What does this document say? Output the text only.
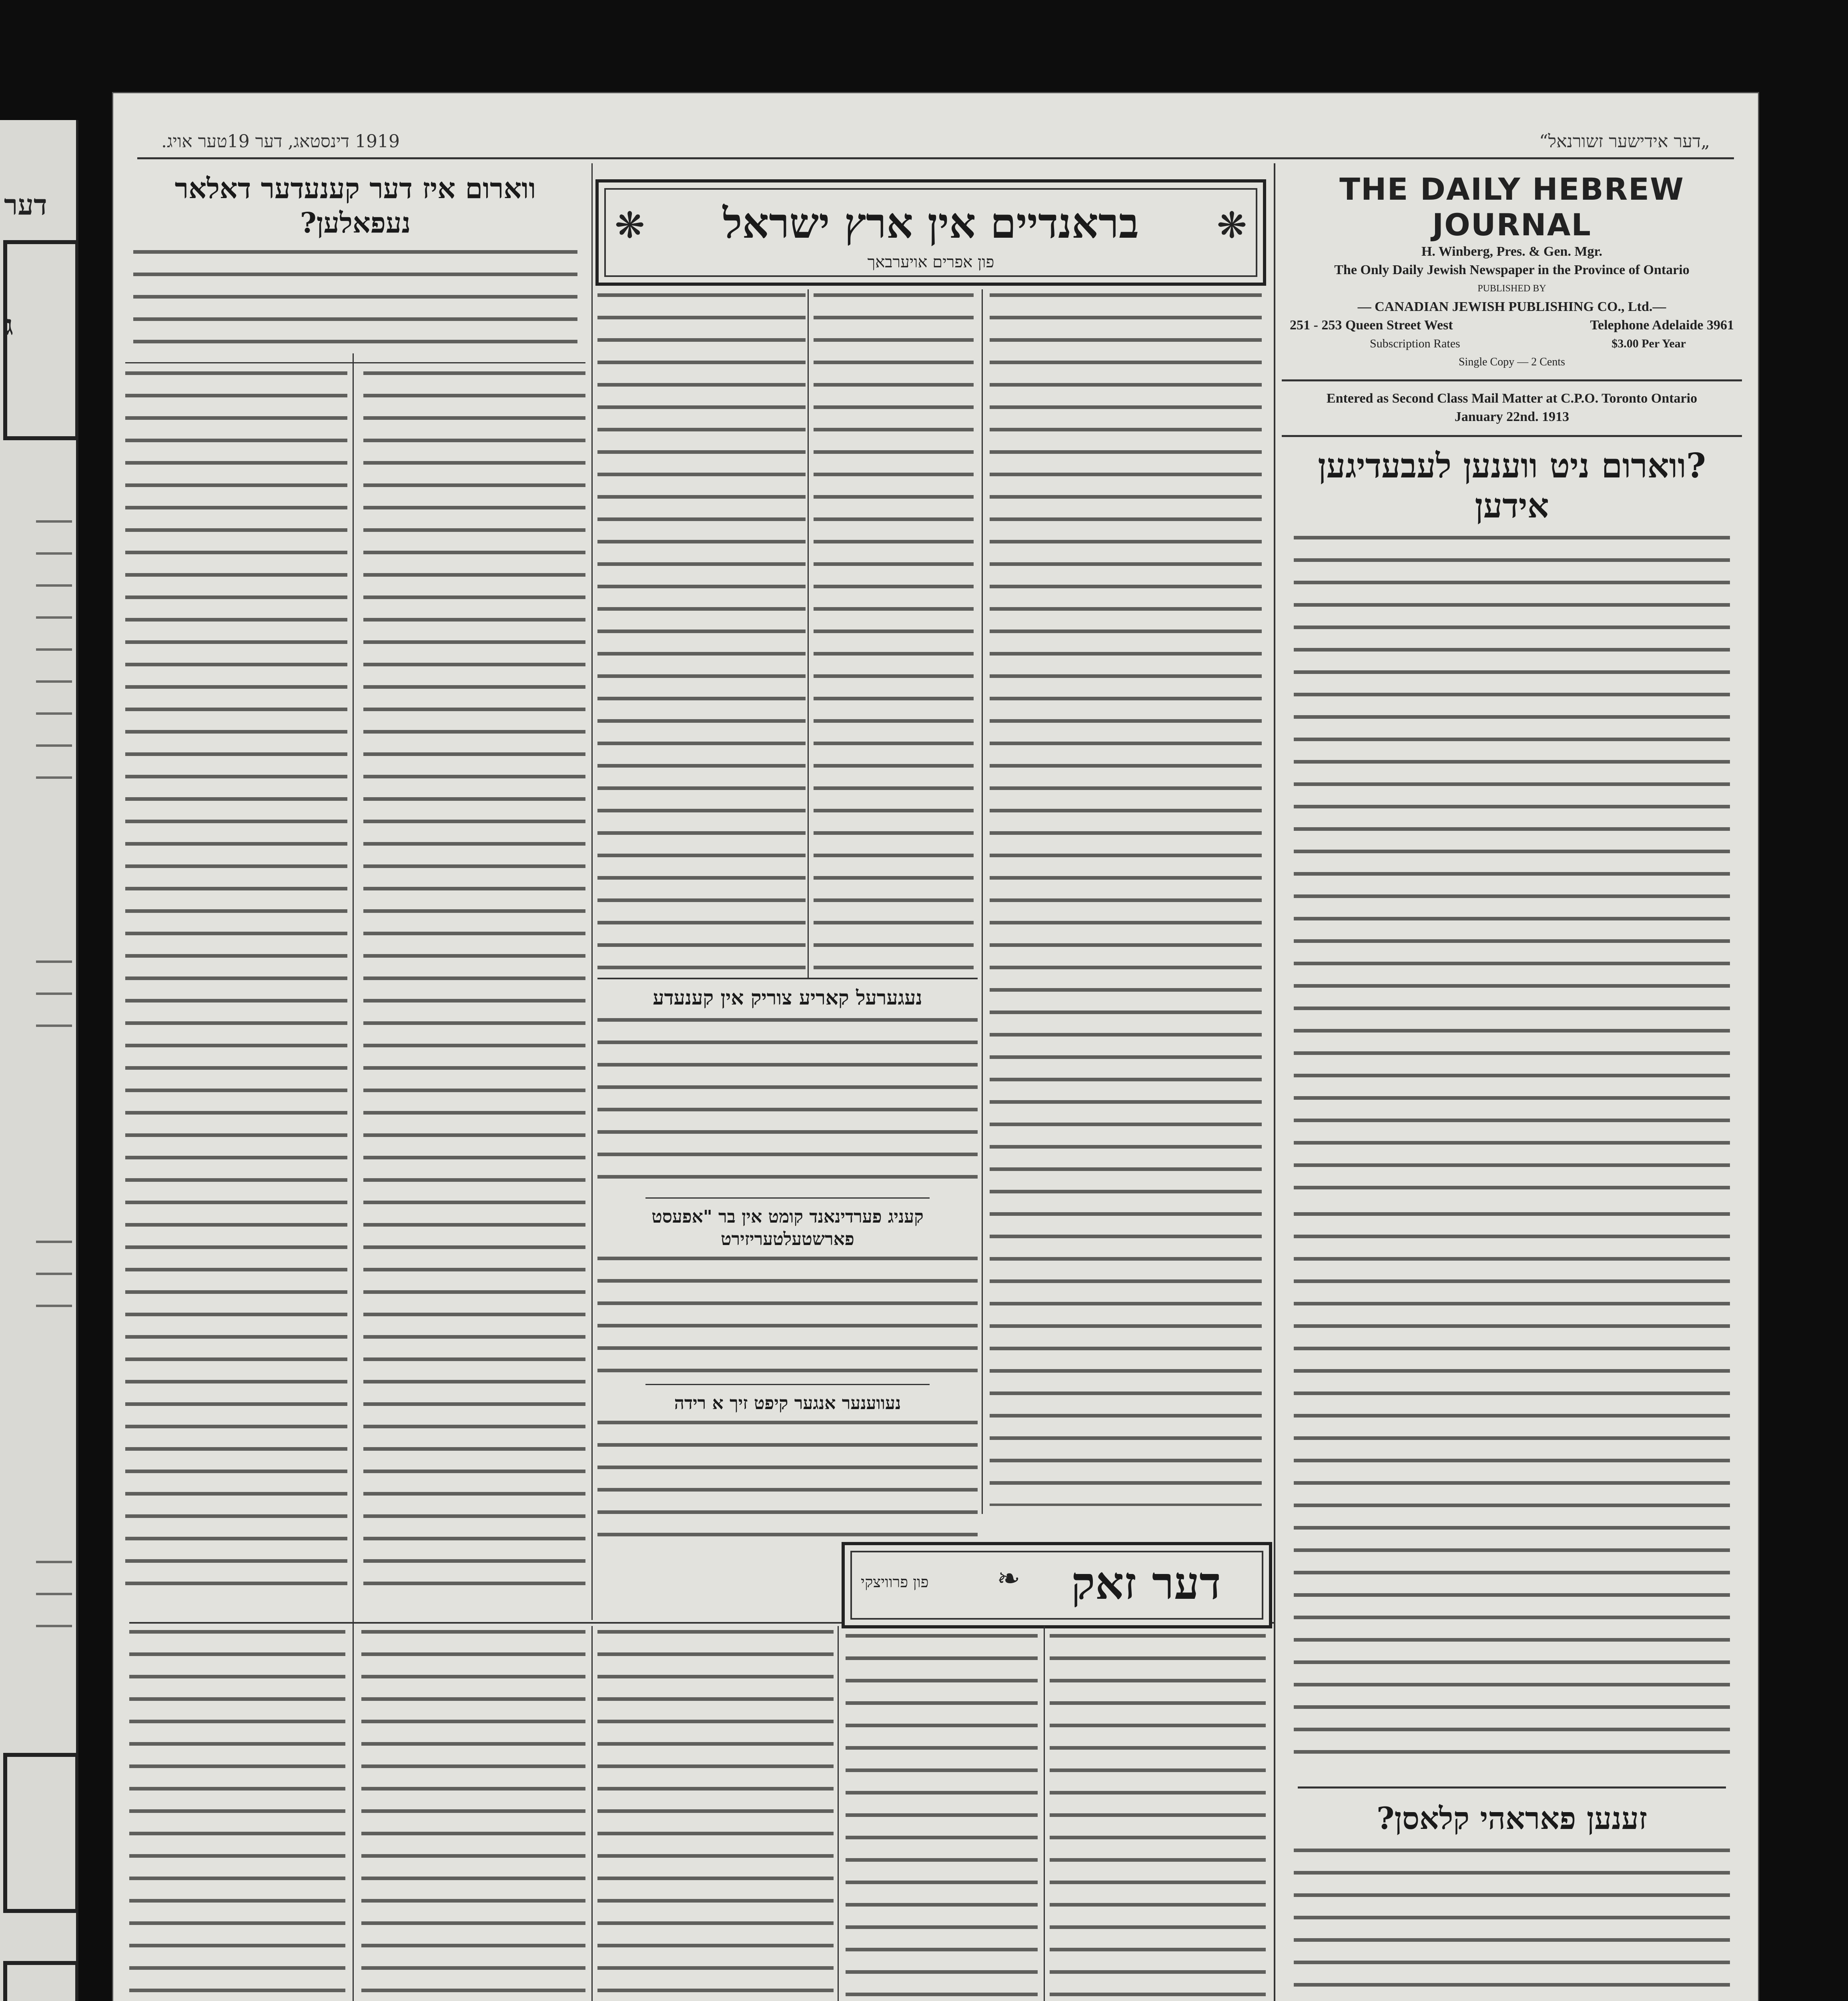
דער
ג
„דער אידישער זשורנאל“
1919 דינסטאג, דער 19טער אויג.
THE DAILY HEBREW JOURNAL
H. Winberg, Pres. & Gen. Mgr.
The Only Daily Jewish Newspaper in the Province of Ontario
PUBLISHED BY
— CANADIAN JEWISH PUBLISHING CO., Ltd.—
251 - 253 Queen Street West	Telephone Adelaide 3961
Subscription Rates	$3.00 Per Year
Single Copy — 2 Cents
Entered as Second Class Mail Matter at C.P.O. Toronto Ontario
January 22nd. 1913
?ווארום ניט ווענען לעבעדיגען אידען
זענען פאראהי קלאסן?
❋	❋
בראנדיים אין ארץ ישראל
פון אפרים אויערבאך
נעגערעל קאריע צוריק אין קענעדע
קעניג פערדינאנד קומט אין בר "אפעסט פארשטעלטעריזירט
נעווענער אנגער קיפט זיך א רידה
ווארום איז דער קענעדער דאלאר נעפאלען?
דער זאק
❧
פון פרוויצקי
